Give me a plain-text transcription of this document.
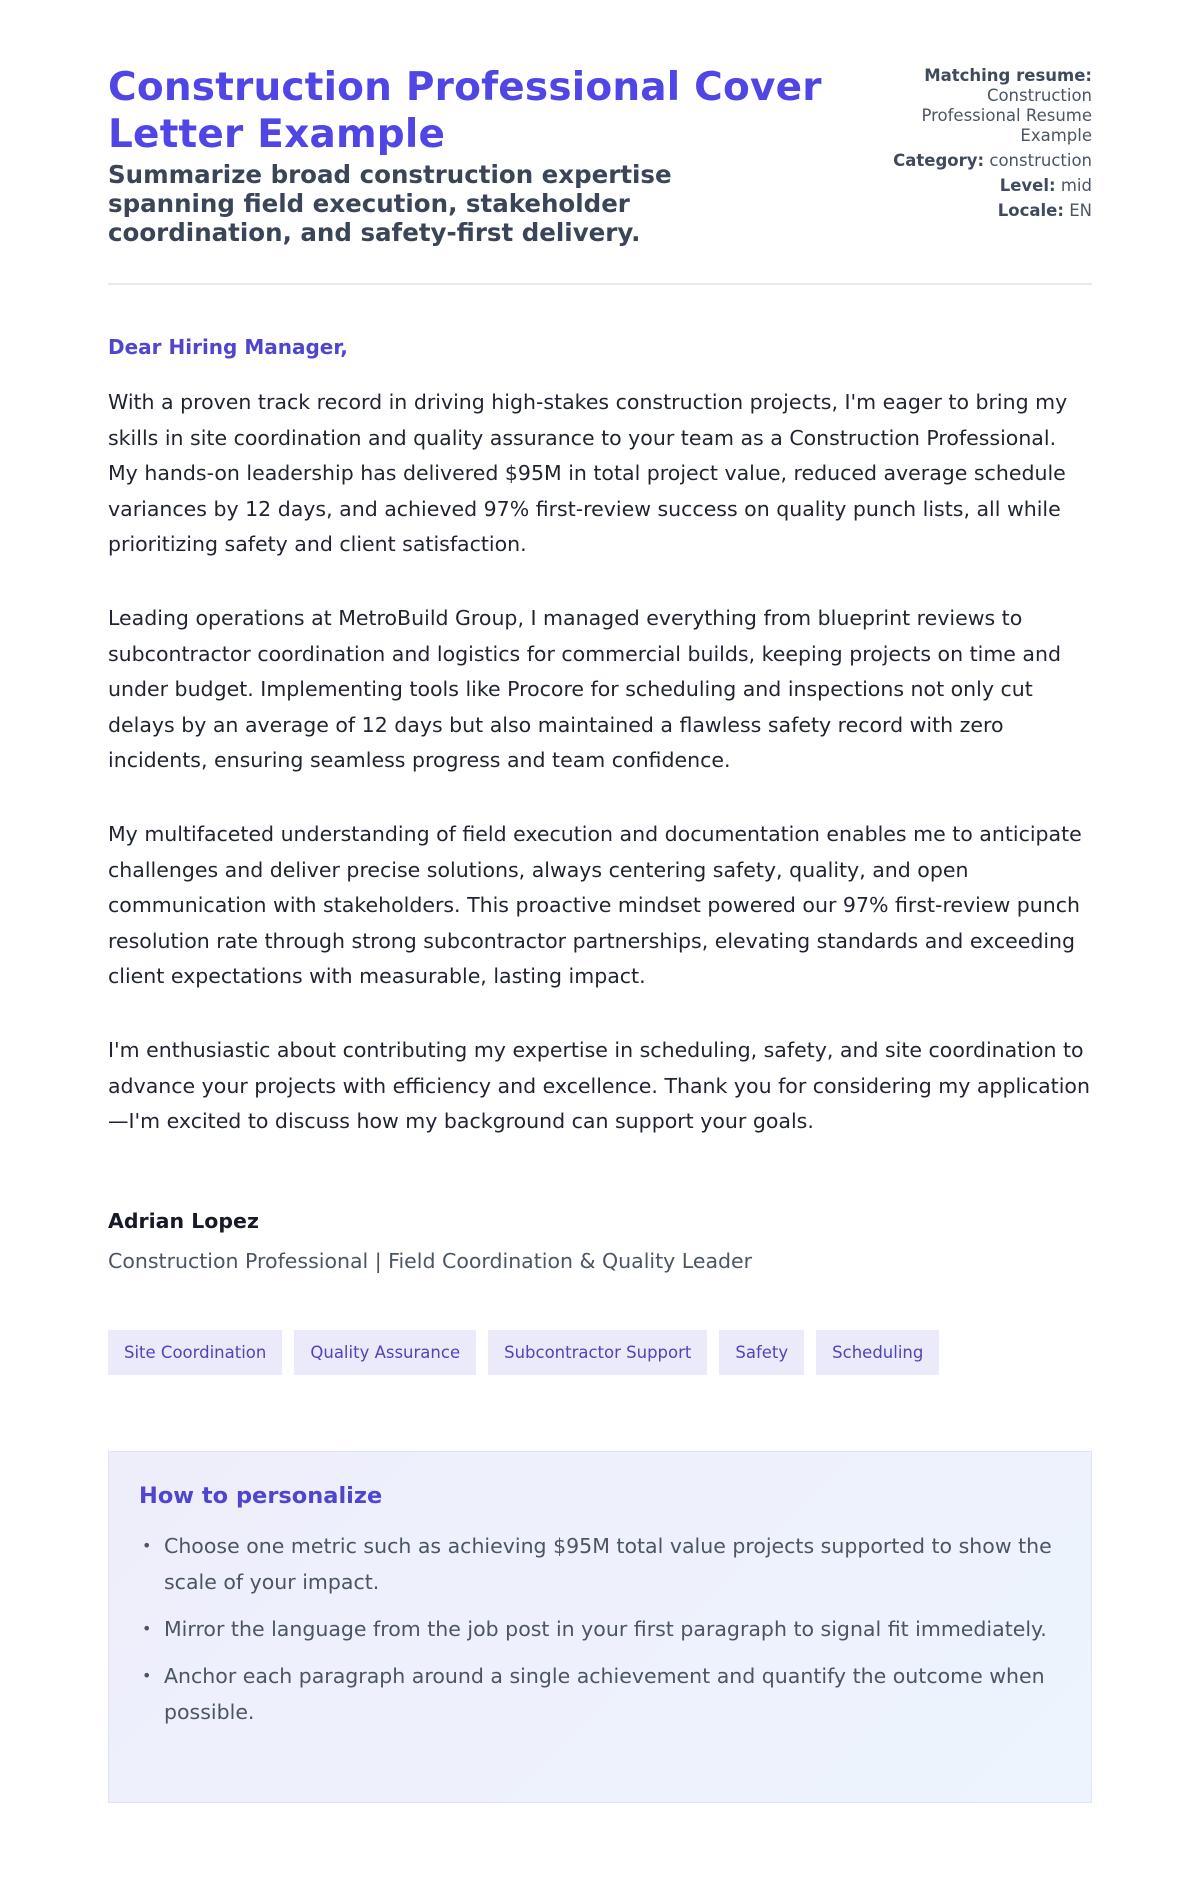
Construction Professional Cover Letter Example
Summarize broad construction expertise spanning field execution, stakeholder coordination, and safety-first delivery.
Matching resume:
Construction Professional Resume Example
Category: construction
Level: mid
Locale: EN
Dear Hiring Manager,

With a proven track record in driving high-stakes construction projects, I'm eager to bring my skills in site coordination and quality assurance to your team as a Construction Professional. My hands-on leadership has delivered $95M in total project value, reduced average schedule variances by 12 days, and achieved 97% first-review success on quality punch lists, all while prioritizing safety and client satisfaction.

Leading operations at MetroBuild Group, I managed everything from blueprint reviews to subcontractor coordination and logistics for commercial builds, keeping projects on time and under budget. Implementing tools like Procore for scheduling and inspections not only cut delays by an average of 12 days but also maintained a flawless safety record with zero incidents, ensuring seamless progress and team confidence.

My multifaceted understanding of field execution and documentation enables me to anticipate challenges and deliver precise solutions, always centering safety, quality, and open communication with stakeholders. This proactive mindset powered our 97% first-review punch resolution rate through strong subcontractor partnerships, elevating standards and exceeding client expectations with measurable, lasting impact.

I'm enthusiastic about contributing my expertise in scheduling, safety, and site coordination to advance your projects with efficiency and excellence. Thank you for considering my application—I'm excited to discuss how my background can support your goals.

Adrian Lopez
Construction Professional | Field Coordination & Quality Leader
Site Coordination	Quality Assurance	Subcontractor Support	Safety	Scheduling
How to personalize
• Choose one metric such as achieving $95M total value projects supported to show the scale of your impact.
• Mirror the language from the job post in your first paragraph to signal fit immediately.
• Anchor each paragraph around a single achievement and quantify the outcome when possible.
